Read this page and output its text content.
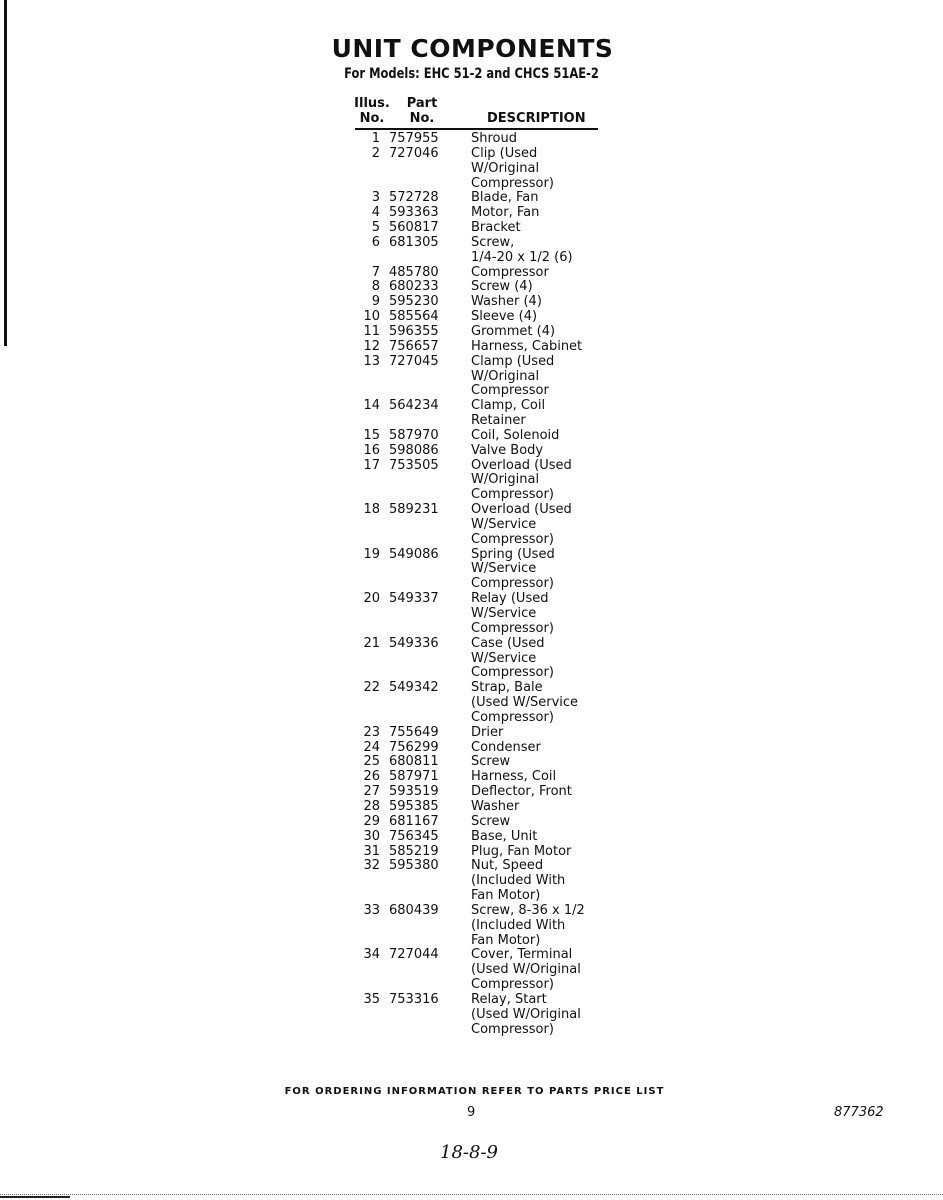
UNIT COMPONENTS
For Models: EHC 51-2 and CHCS 51AE-2
Illus.
No.
Part
No.	DESCRIPTION
1 757955 Shroud
2 727046 Clip (Used
W/Original
Compressor)
3 572728 Blade, Fan
4 593363 Motor, Fan
5 560817 Bracket
6 681305 Screw,
1/4-20 x 1/2 (6)
7 485780 Compressor
8 680233 Screw (4)
9 595230 Washer (4)
10 585564 Sleeve (4)
11 596355 Grommet (4)
12 756657 Harness, Cabinet
13 727045 Clamp (Used
W/Original
Compressor
14 564234 Clamp, Coil
Retainer
15 587970 Coil, Solenoid
16 598086 Valve Body
17 753505 Overload (Used
W/Original
Compressor)
18 589231 Overload (Used
W/Service
Compressor)
19 549086 Spring (Used
W/Service
Compressor)
20 549337 Relay (Used
W/Service
Compressor)
21 549336 Case (Used
W/Service
Compressor)
22 549342 Strap, Bale
(Used W/Service
Compressor)
23 755649 Drier
24 756299 Condenser
25 680811 Screw
26 587971 Harness, Coil
27 593519 Deflector, Front
28 595385 Washer
29 681167 Screw
30 756345 Base, Unit
31 585219 Plug, Fan Motor
32 595380 Nut, Speed
(Included With
Fan Motor)
33 680439 Screw, 8-36 x 1/2
(Included With
Fan Motor)
34 727044 Cover, Terminal
(Used W/Original
Compressor)
35 753316 Relay, Start
(Used W/Original
Compressor)
FOR ORDERING INFORMATION REFER TO PARTS PRICE LIST
9	877362
18-8-9
